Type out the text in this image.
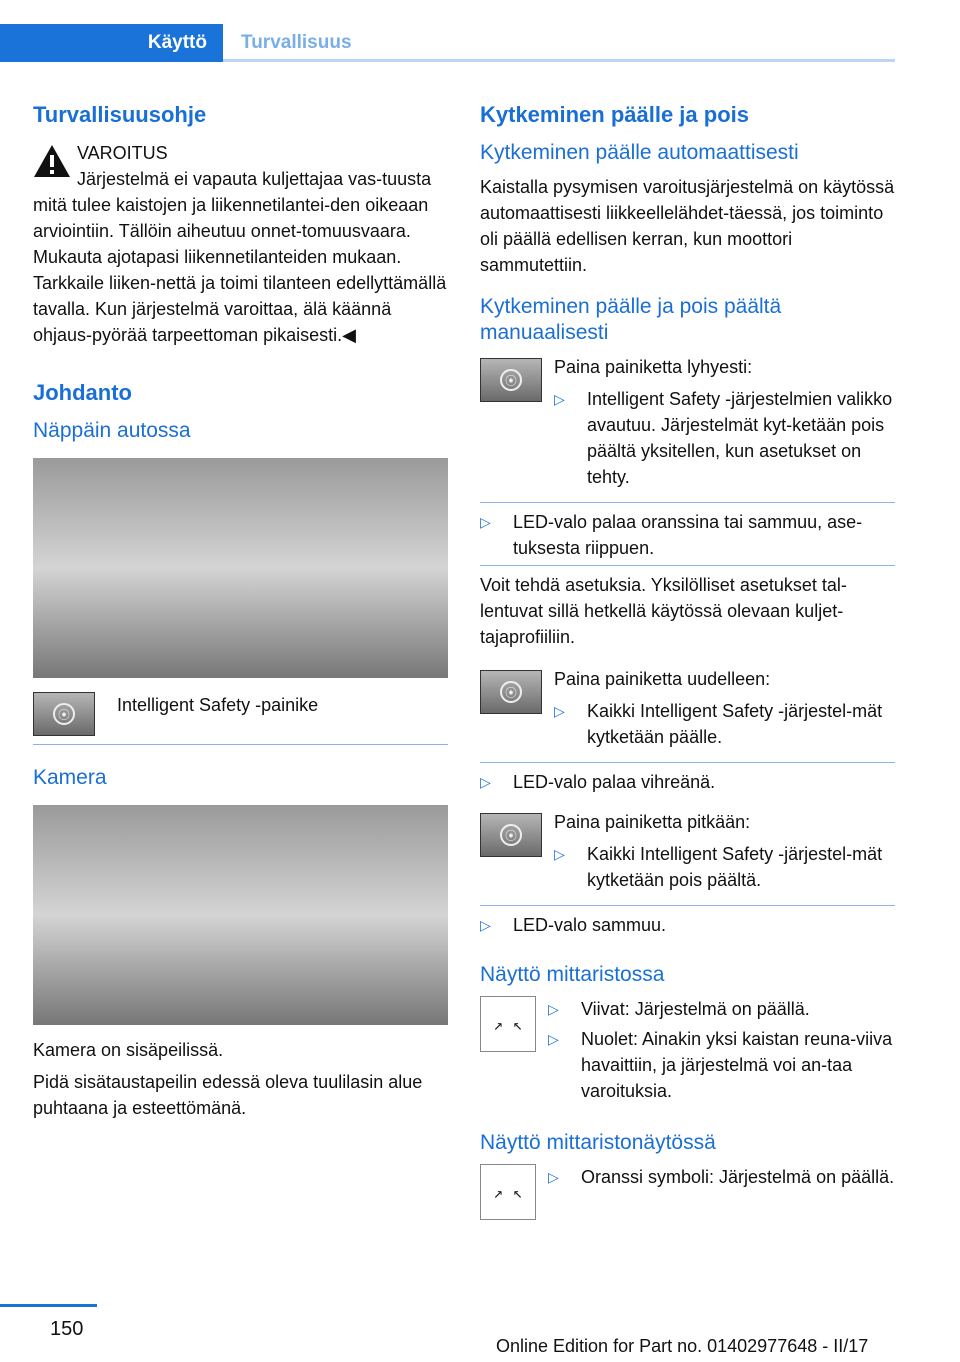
Käyttö	Turvallisuus
Turvallisuusohje

VAROITUS

Järjestelmä ei vapauta kuljettajaa vas-tuusta mitä tulee kaistojen ja liikennetilantei-den oikeaan arviointiin. Tällöin aiheutuu onnet-tomuusvaara. Mukauta ajotapasi liikennetilanteiden mukaan. Tarkkaile liiken-nettä ja toimi tilanteen edellyttämällä tavalla. Kun järjestelmä varoittaa, älä käännä ohjaus-pyörää tarpeettoman pikaisesti.◀

Johdanto
Näppäin autossa
⦿	Intelligent Safety -painike

Kamera

Kamera on sisäpeilissä.

Pidä sisätaustapeilin edessä oleva tuulilasin alue puhtaana ja esteettömänä.

Kytkeminen päälle ja pois
Kytkeminen päälle automaattisesti

Kaistalla pysymisen varoitusjärjestelmä on käytössä automaattisesti liikkeellelähdet-täessä, jos toiminto oli päällä edellisen kerran, kun moottori sammutettiin.

Kytkeminen päälle ja pois päältä manuaalisesti
⦿

Paina painiketta lyhyesti:

▷ Intelligent Safety -järjestelmien valikko avautuu. Järjestelmät kyt-ketään pois päältä yksitellen, kun asetukset on tehty.
▷ LED-valo palaa oranssina tai sammuu, ase-tuksesta riippuen.

Voit tehdä asetuksia. Yksilölliset asetukset tal-lentuvat sillä hetkellä käytössä olevaan kuljet-tajaprofiiliin.

⦿

Paina painiketta uudelleen:

▷ Kaikki Intelligent Safety -järjestel-mät kytketään päälle.
▷ LED-valo palaa vihreänä.
⦿

Paina painiketta pitkään:

▷ Kaikki Intelligent Safety -järjestel-mät kytketään pois päältä.
▷ LED-valo sammuu.
Näyttö mittaristossa
↗ ↖
▷ Viivat: Järjestelmä on päällä.
▷ Nuolet: Ainakin yksi kaistan reuna-viiva havaittiin, ja järjestelmä voi an-taa varoituksia.
Näyttö mittaristonäytössä
↗ ↖
▷ Oranssi symboli: Järjestelmä on päällä.
150
Online Edition for Part no. 01402977648 - II/17
